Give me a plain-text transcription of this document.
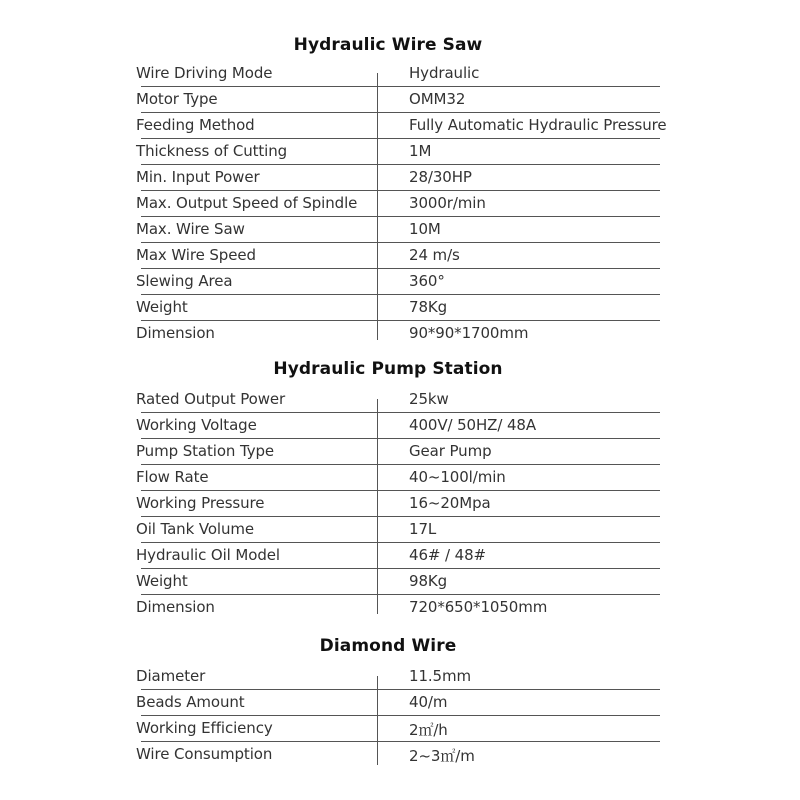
Hydraulic Wire Saw
Wire Driving Mode	Hydraulic
Motor Type	OMM32
Feeding Method	Fully Automatic Hydraulic Pressure
Thickness of Cutting	1M
Min. Input Power	28/30HP
Max. Output Speed of Spindle	3000r/min
Max. Wire Saw	10M
Max Wire Speed	24 m/s
Slewing Area	360°
Weight	78Kg
Dimension	90*90*1700mm
Hydraulic Pump Station
Rated Output Power	25kw
Working Voltage	400V/ 50HZ/ 48A
Pump Station Type	Gear Pump
Flow Rate	40~100l/min
Working Pressure	16~20Mpa
Oil Tank Volume	17L
Hydraulic Oil Model	46# / 48#
Weight	98Kg
Dimension	720*650*1050mm
Diamond Wire
Diameter	11.5mm
Beads Amount	40/m
Working Efficiency	2㎡/h
Wire Consumption	2~3㎡/m
